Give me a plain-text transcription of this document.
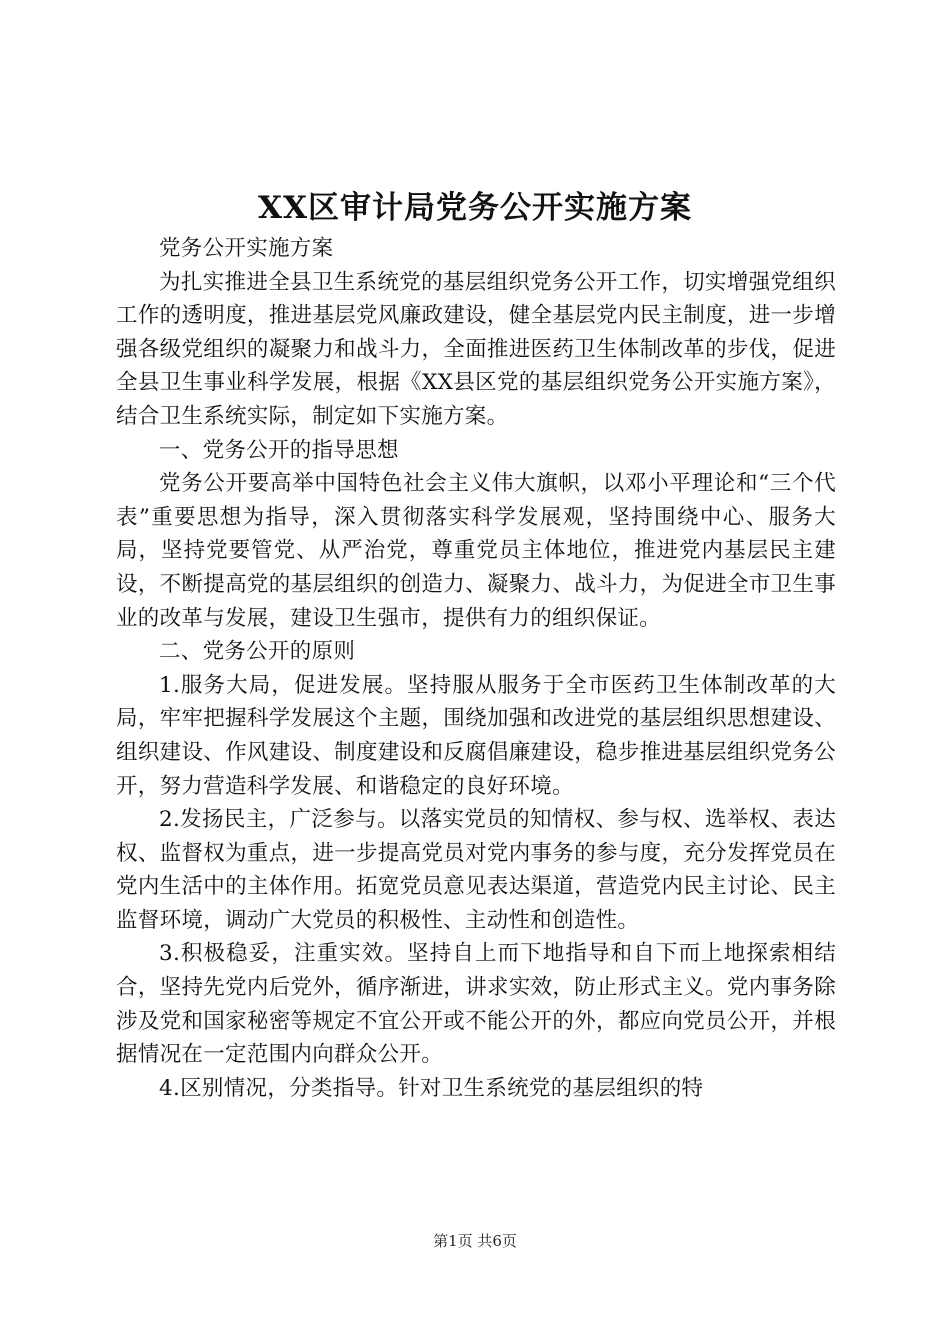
XX区审计局党务公开实施方案

党务公开实施方案

为扎实推进全县卫生系统党的基层组织党务公开工作，切实增强党组织工作的透明度，推进基层党风廉政建设，健全基层党内民主制度，进一步增强各级党组织的凝聚力和战斗力，全面推进医药卫生体制改革的步伐，促进全县卫生事业科学发展，根据《XX县区党的基层组织党务公开实施方案》，结合卫生系统实际，制定如下实施方案。

一、党务公开的指导思想

党务公开要高举中国特色社会主义伟大旗帜，以邓小平理论和“三个代表”重要思想为指导，深入贯彻落实科学发展观，坚持围绕中心、服务大局，坚持党要管党、从严治党，尊重党员主体地位，推进党内基层民主建设，不断提高党的基层组织的创造力、凝聚力、战斗力，为促进全市卫生事业的改革与发展，建设卫生强市，提供有力的组织保证。

二、党务公开的原则

1.服务大局，促进发展。坚持服从服务于全市医药卫生体制改革的大局，牢牢把握科学发展这个主题，围绕加强和改进党的基层组织思想建设、组织建设、作风建设、制度建设和反腐倡廉建设，稳步推进基层组织党务公开，努力营造科学发展、和谐稳定的良好环境。

2.发扬民主，广泛参与。以落实党员的知情权、参与权、选举权、表达权、监督权为重点，进一步提高党员对党内事务的参与度，充分发挥党员在党内生活中的主体作用。拓宽党员意见表达渠道，营造党内民主讨论、民主监督环境，调动广大党员的积极性、主动性和创造性。

3.积极稳妥，注重实效。坚持自上而下地指导和自下而上地探索相结合，坚持先党内后党外，循序渐进，讲求实效，防止形式主义。党内事务除涉及党和国家秘密等规定不宜公开或不能公开的外，都应向党员公开，并根据情况在一定范围内向群众公开。

4.区别情况，分类指导。针对卫生系统党的基层组织的特

第1页 共6页
